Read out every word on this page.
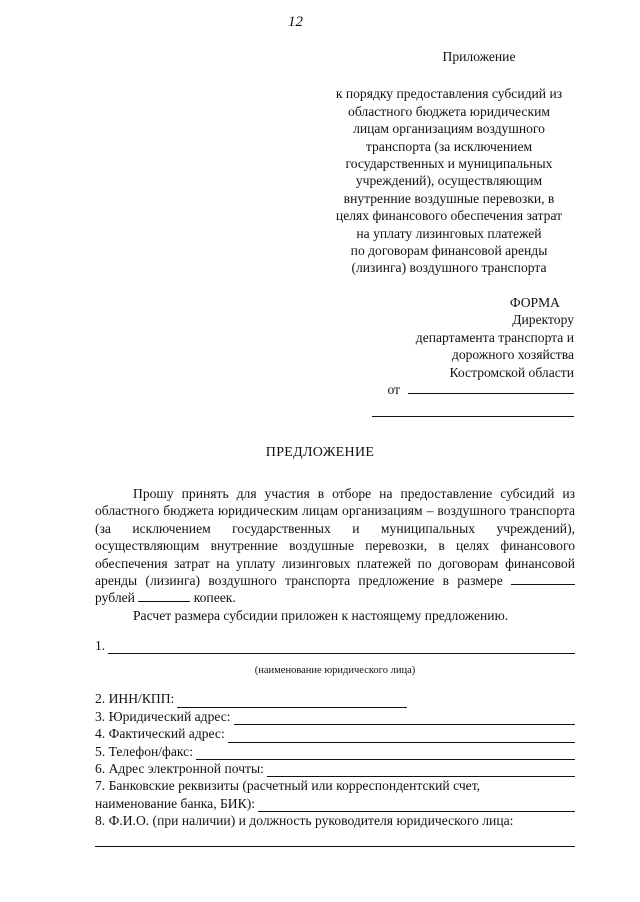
12
Приложение
к порядку предоставления субсидий из
областного бюджета юридическим
лицам организациям воздушного
транспорта (за исключением
государственных и муниципальных
учреждений), осуществляющим
внутренние воздушные перевозки, в
целях финансового обеспечения затрат
на уплату лизинговых платежей
по договорам финансовой аренды
(лизинга) воздушного транспорта
ФОРМА
Директору
департамента транспорта и
дорожного хозяйства
Костромской области
от
ПРЕДЛОЖЕНИЕ

Прошу принять для участия в отборе на предоставление субсидий из областного бюджета юридическим лицам организациям – воздушного транспорта (за исключением государственных и муниципальных учреждений), осуществляющим внутренние воздушные перевозки, в целях финансового обеспечения затрат на уплату лизинговых платежей по договорам финансовой аренды (лизинга) воздушного транспорта предложение в размере  рублей	копеек.

Расчет размера субсидии приложен к настоящему предложению.

1.
(наименование юридического лица)
2. ИНН/КПП:
3. Юридический адрес:
4. Фактический адрес:
5. Телефон/факс:
6. Адрес электронной почты:
7. Банковские реквизиты (расчетный или корреспондентский счет,
наименование банка, БИК):
8. Ф.И.О. (при наличии) и должность руководителя юридического лица:
